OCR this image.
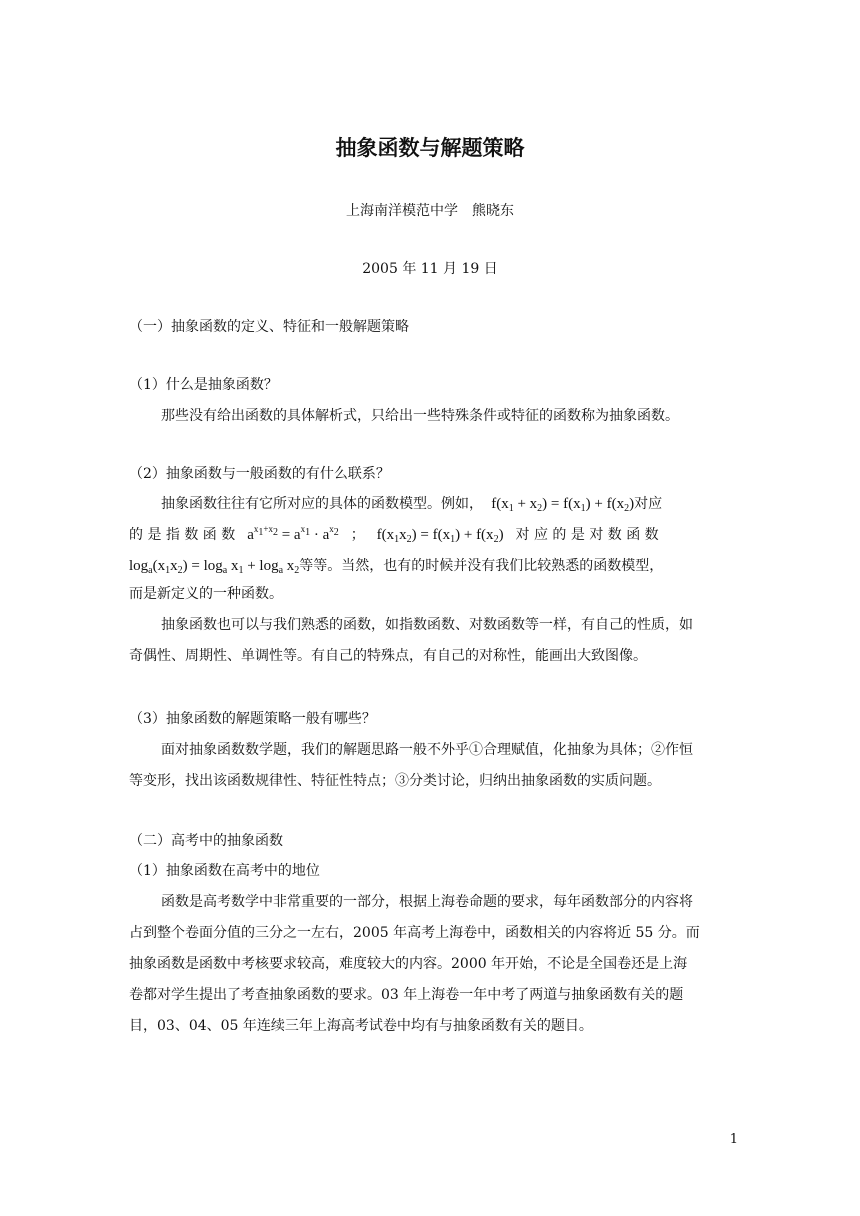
抽象函数与解题策略
上海南洋模范中学　熊晓东
2005 年 11 月 19 日
（一）抽象函数的定义、特征和一般解题策略
（1）什么是抽象函数？
那些没有给出函数的具体解析式，只给出一些特殊条件或特征的函数称为抽象函数。
（2）抽象函数与一般函数的有什么联系？
抽象函数往往有它所对应的具体的函数模型。例如，  $f(x_1 + x_2) = f(x_1) + f(x_2)$对应
的 是 指 数 函 数   $a^{x_1+x_2} = a^{x_1} \cdot a^{x_2}$ ；   $f(x_1x_2) = f(x_1) + f(x_2)$   对 应 的 是 对 数 函 数
$\log_a(x_1x_2) = \log_a x_1 + \log_a x_2$等等。当然，也有的时候并没有我们比较熟悉的函数模型，
而是新定义的一种函数。
抽象函数也可以与我们熟悉的函数，如指数函数、对数函数等一样，有自己的性质，如
奇偶性、周期性、单调性等。有自己的特殊点，有自己的对称性，能画出大致图像。
（3）抽象函数的解题策略一般有哪些？
面对抽象函数数学题，我们的解题思路一般不外乎①合理赋值，化抽象为具体；②作恒
等变形，找出该函数规律性、特征性特点；③分类讨论，归纳出抽象函数的实质问题。
（二）高考中的抽象函数
（1）抽象函数在高考中的地位
函数是高考数学中非常重要的一部分，根据上海卷命题的要求，每年函数部分的内容将
占到整个卷面分值的三分之一左右，2005 年高考上海卷中，函数相关的内容将近 55 分。而
抽象函数是函数中考核要求较高，难度较大的内容。2000 年开始，不论是全国卷还是上海
卷都对学生提出了考查抽象函数的要求。03 年上海卷一年中考了两道与抽象函数有关的题
目，03、04、05 年连续三年上海高考试卷中均有与抽象函数有关的题目。
1
